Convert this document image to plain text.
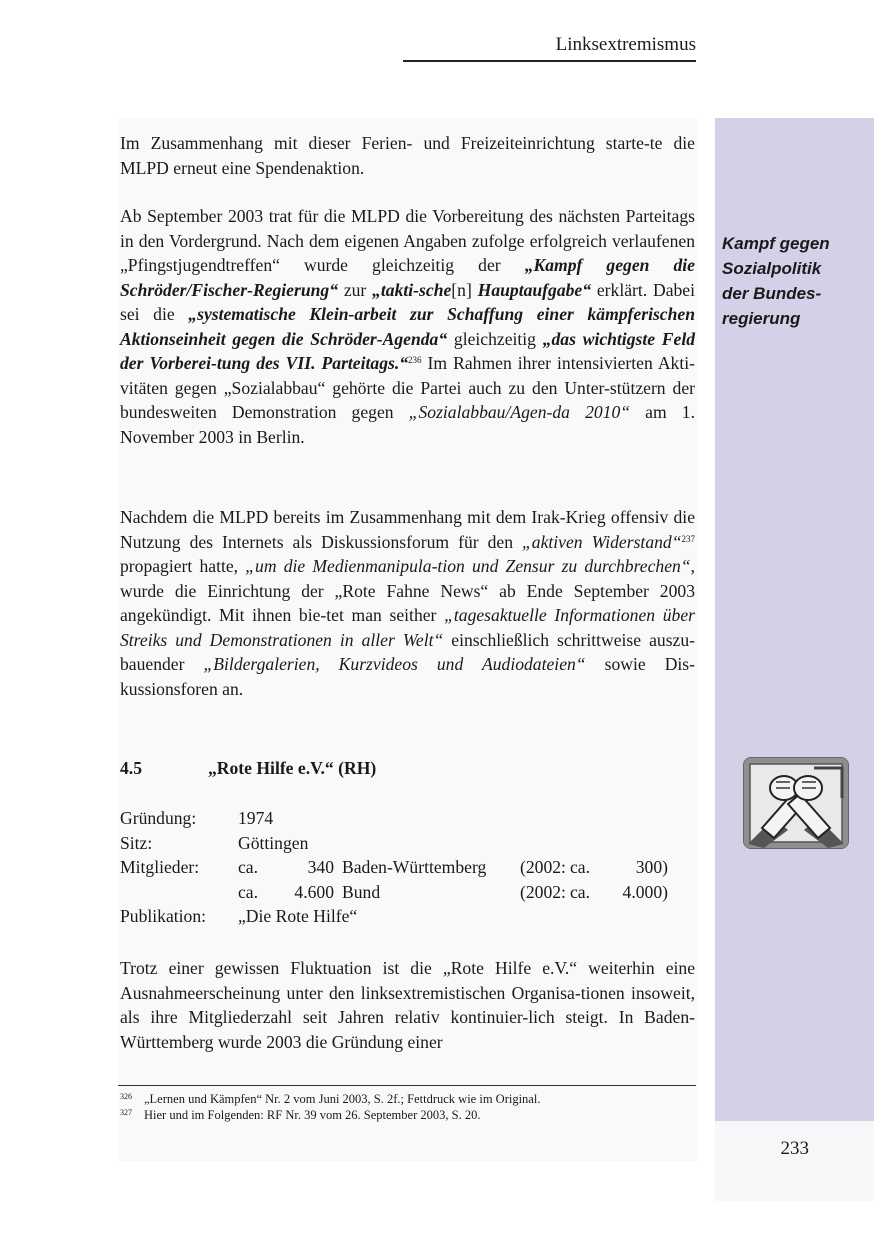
Linksextremismus
233
Kampf gegen
Sozialpolitik
der Bundes-
regierung

Im Zusammenhang mit dieser Ferien- und Freizeiteinrichtung starte-te die MLPD erneut eine Spendenaktion.

Ab September 2003 trat für die MLPD die Vorbereitung des nächsten Parteitags in den Vordergrund. Nach dem eigenen Angaben zufolge erfolgreich verlaufenen „Pfingstjugendtreffen“ wurde gleichzeitig der „Kampf gegen die Schröder/Fischer-Regierung“ zur „takti-sche[n] Hauptaufgabe“ erklärt. Dabei sei die „systematische Klein-arbeit zur Schaffung einer kämpferischen Aktionseinheit gegen die Schröder-Agenda“ gleichzeitig „das wichtigste Feld der Vorberei-tung des VII. Parteitags.“$^{236}$ Im Rahmen ihrer intensivierten Akti-vitäten gegen „Sozialabbau“ gehörte die Partei auch zu den Unter-stützern der bundesweiten Demonstration gegen „Sozialabbau/Agen-da 2010“ am 1. November 2003 in Berlin.

Nachdem die MLPD bereits im Zusammenhang mit dem Irak-Krieg offensiv die Nutzung des Internets als Diskussionsforum für den „aktiven Widerstand“$^{237}$ propagiert hatte, „um die Medienmanipula-tion und Zensur zu durchbrechen“, wurde die Einrichtung der „Rote Fahne News“ ab Ende September 2003 angekündigt. Mit ihnen bie-tet man seither „tagesaktuelle Informationen über Streiks und Demonstrationen in aller Welt“ einschließlich schrittweise auszu-bauender „Bildergalerien, Kurzvideos und Audiodateien“ sowie Dis-kussionsforen an.

4.5	„Rote Hilfe e.V.“ (RH)
Gründung:	1974
Sitz:	Göttingen
Mitglieder:	ca.	340 Baden-Württemberg	(2002: ca.	300)
ca.	4.600 Bund	(2002: ca.	4.000)
Publikation:	„Die Rote Hilfe“

Trotz einer gewissen Fluktuation ist die „Rote Hilfe e.V.“ weiterhin eine Ausnahmeerscheinung unter den linksextremistischen Organisa-tionen insoweit, als ihre Mitgliederzahl seit Jahren relativ kontinuier-lich steigt. In Baden-Württemberg wurde 2003 die Gründung einer

326 „Lernen und Kämpfen“ Nr. 2 vom Juni 2003, S. 2f.; Fettdruck wie im Original.
327 Hier und im Folgenden: RF Nr. 39 vom 26. September 2003, S. 20.
